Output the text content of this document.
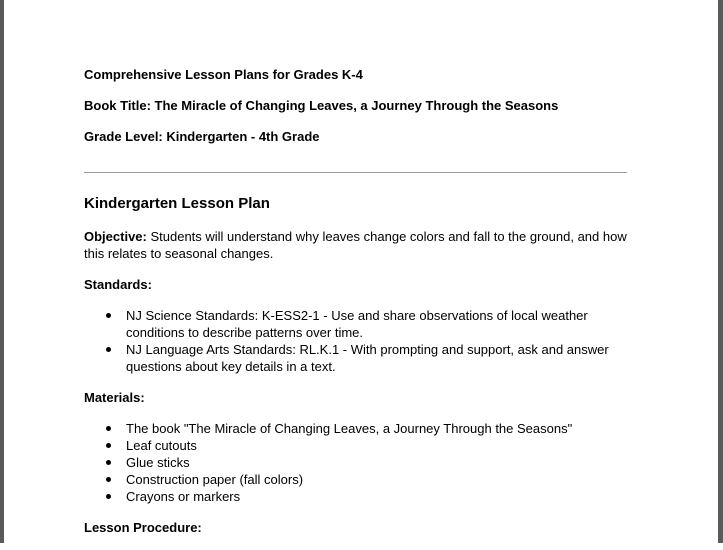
Comprehensive Lesson Plans for Grades K-4
Book Title: The Miracle of Changing Leaves, a Journey Through the Seasons
Grade Level: Kindergarten - 4th Grade
Kindergarten Lesson Plan
Objective: Students will understand why leaves change colors and fall to the ground, and how this relates to seasonal changes.
Standards:
NJ Science Standards: K-ESS2-1 - Use and share observations of local weather conditions to describe patterns over time.
NJ Language Arts Standards: RL.K.1 - With prompting and support, ask and answer questions about key details in a text.
Materials:
The book "The Miracle of Changing Leaves, a Journey Through the Seasons"
Leaf cutouts
Glue sticks
Construction paper (fall colors)
Crayons or markers
Lesson Procedure:
